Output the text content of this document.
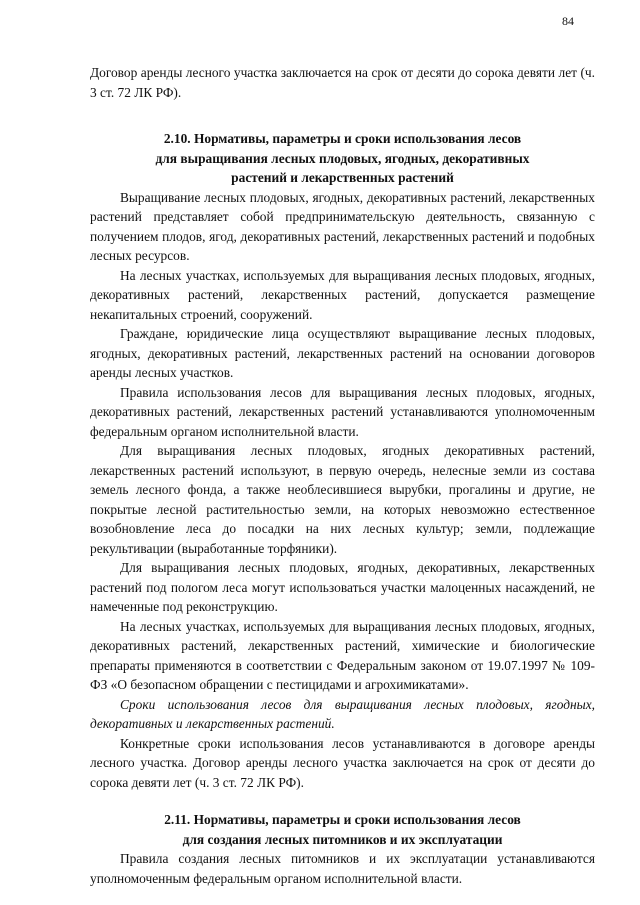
84

Договор аренды лесного участка заключается на срок от десяти до сорока девяти лет (ч. 3 ст. 72 ЛК РФ).

2.10. Нормативы, параметры и сроки использования лесов
для выращивания лесных плодовых, ягодных, декоративных
растений и лекарственных растений

Выращивание лесных плодовых, ягодных, декоративных растений, лекарственных растений представляет собой предпринимательскую деятельность, связанную с получением плодов, ягод, декоративных растений, лекарственных растений и подобных лесных ресурсов.

На лесных участках, используемых для выращивания лесных плодовых, ягодных, декоративных растений, лекарственных растений, допускается размещение некапитальных строений, сооружений.

Граждане, юридические лица осуществляют выращивание лесных плодовых, ягодных, декоративных растений, лекарственных растений на основании договоров аренды лесных участков.

Правила использования лесов для выращивания лесных плодовых, ягодных, декоративных растений, лекарственных растений устанавливаются уполномоченным федеральным органом исполнительной власти.

Для выращивания лесных плодовых, ягодных декоративных растений, лекарственных растений используют, в первую очередь, нелесные земли из состава земель лесного фонда, а также необлесившиеся вырубки, прогалины и другие, не покрытые лесной растительностью земли, на которых невозможно естественное возобновление леса до посадки на них лесных культур; земли, подлежащие рекультивации (выработанные торфяники).

Для выращивания лесных плодовых, ягодных, декоративных, лекарственных растений под пологом леса могут использоваться участки малоценных насаждений, не намеченные под реконструкцию.

На лесных участках, используемых для выращивания лесных плодовых, ягодных, декоративных растений, лекарственных растений, химические и биологические препараты применяются в соответствии с Федеральным законом от 19.07.1997 № 109-ФЗ «О безопасном обращении с пестицидами и агрохимикатами».

Сроки использования лесов для выращивания лесных плодовых, ягодных, декоративных и лекарственных растений.

Конкретные сроки использования лесов устанавливаются в договоре аренды лесного участка. Договор аренды лесного участка заключается на срок от десяти до сорока девяти лет (ч. 3 ст. 72 ЛК РФ).

2.11. Нормативы, параметры и сроки использования лесов
для создания лесных питомников и их эксплуатации

Правила создания лесных питомников и их эксплуатации устанавливаются уполномоченным федеральным органом исполнительной власти.
